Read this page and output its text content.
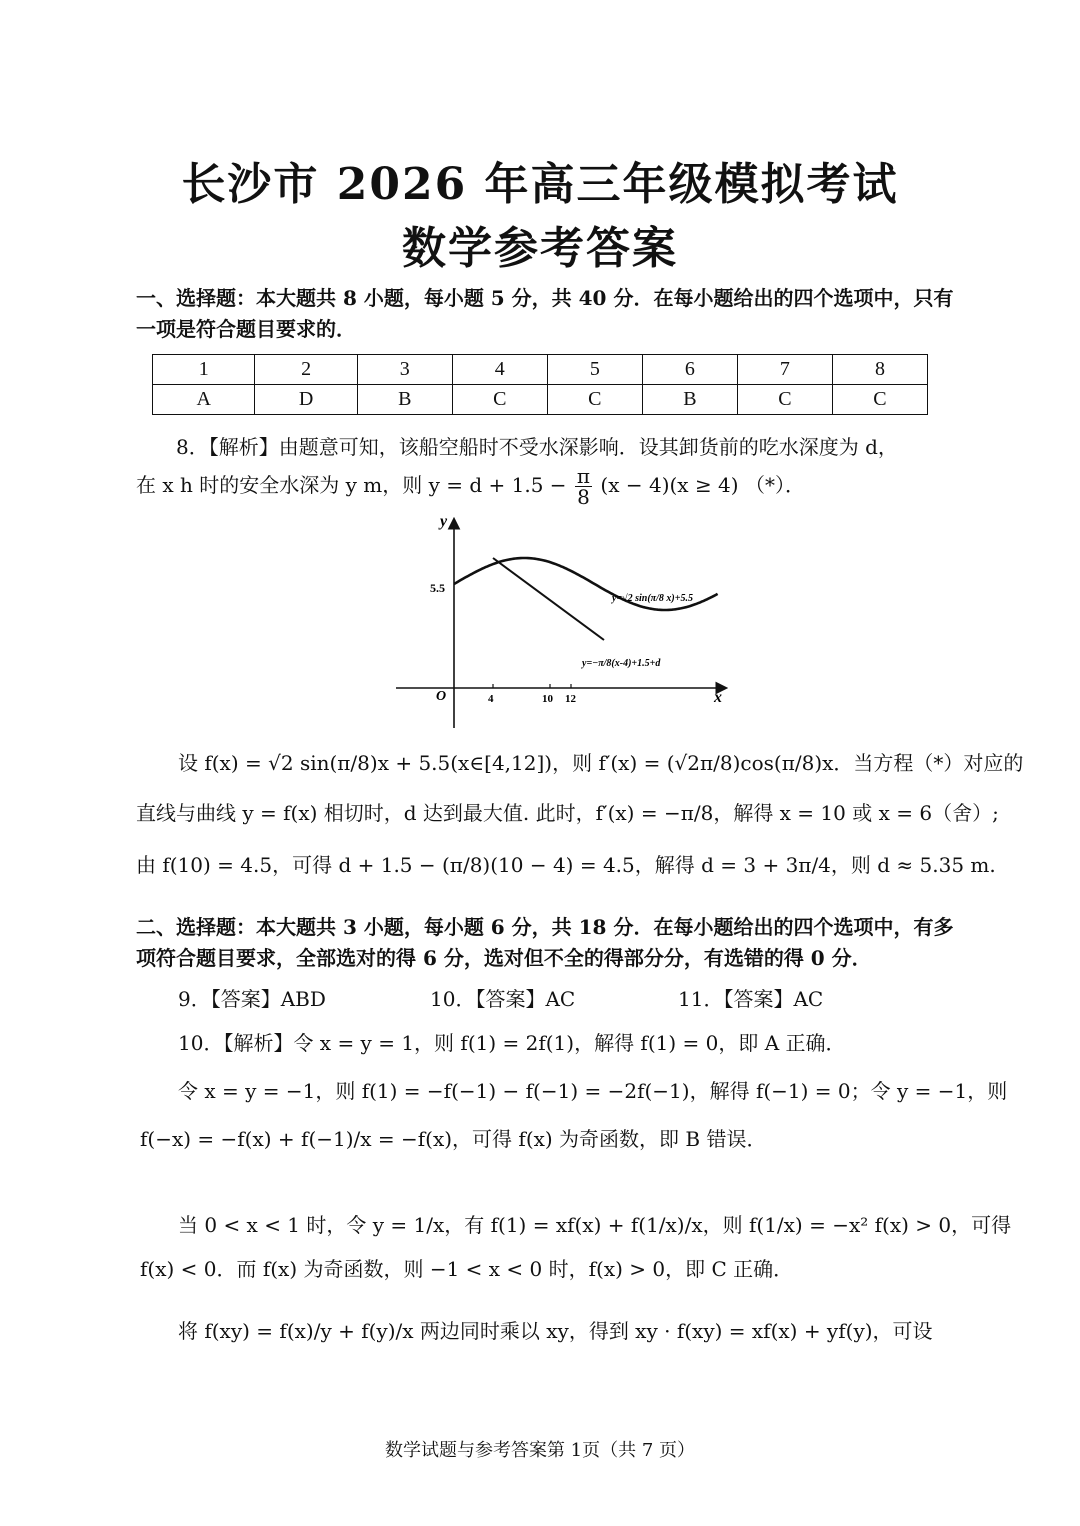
长沙市 2026 年高三年级模拟考试
数学参考答案
一、选择题：本大题共 8 小题，每小题 5 分，共 40 分．在每小题给出的四个选项中，只有一项是符合题目要求的．
1	2	3	4	5	6	7	8
A	D	B	C	C	B	C	C
8．【解析】由题意可知，该船空船时不受水深影响．设其卸货前的吃水深度为 d，
在 x h 时的安全水深为 y m，则 $y = d + 1.5 - \frac{\pi}{8} (x - 4)(x \ge 4)$ （*）．
y
x
O
5.5
4	10 12
y=√2 sin(π/8 x)+5.5
y=−π/8(x-4)+1.5+d
设 f(x) = √2 sin(π/8)x + 5.5(x∈[4,12])，则 f′(x) = (√2π/8)cos(π/8)x．当方程（*）对应的
直线与曲线 y = f(x) 相切时，d 达到最大值. 此时，f′(x) = −π/8，解得 x = 10 或 x = 6（舍）;
由 f(10) = 4.5，可得 d + 1.5 − (π/8)(10 − 4) = 4.5，解得 d = 3 + 3π/4，则 d ≈ 5.35 m.
二、选择题：本大题共 3 小题，每小题 6 分，共 18 分．在每小题给出的四个选项中，有多项符合题目要求，全部选对的得 6 分，选对但不全的得部分分，有选错的得 0 分．
9．【答案】ABD	10．【答案】AC	11．【答案】AC
10．【解析】令 x = y = 1，则 f(1) = 2f(1)，解得 f(1) = 0，即 A 正确．
令 x = y = −1，则 f(1) = −f(−1) − f(−1) = −2f(−1)，解得 f(−1) = 0；令 y = −1，则
f(−x) = −f(x) + f(−1)/x = −f(x)，可得 f(x) 为奇函数，即 B 错误．
当 0 < x < 1 时，令 y = 1/x，有 f(1) = xf(x) + f(1/x)/x，则 f(1/x) = −x² f(x) > 0，可得
f(x) < 0．而 f(x) 为奇函数，则 −1 < x < 0 时，f(x) > 0，即 C 正确．
将 f(xy) = f(x)/y + f(y)/x 两边同时乘以 xy，得到 xy · f(xy) = xf(x) + yf(y)，可设
数学试题与参考答案第 1页（共 7 页）
